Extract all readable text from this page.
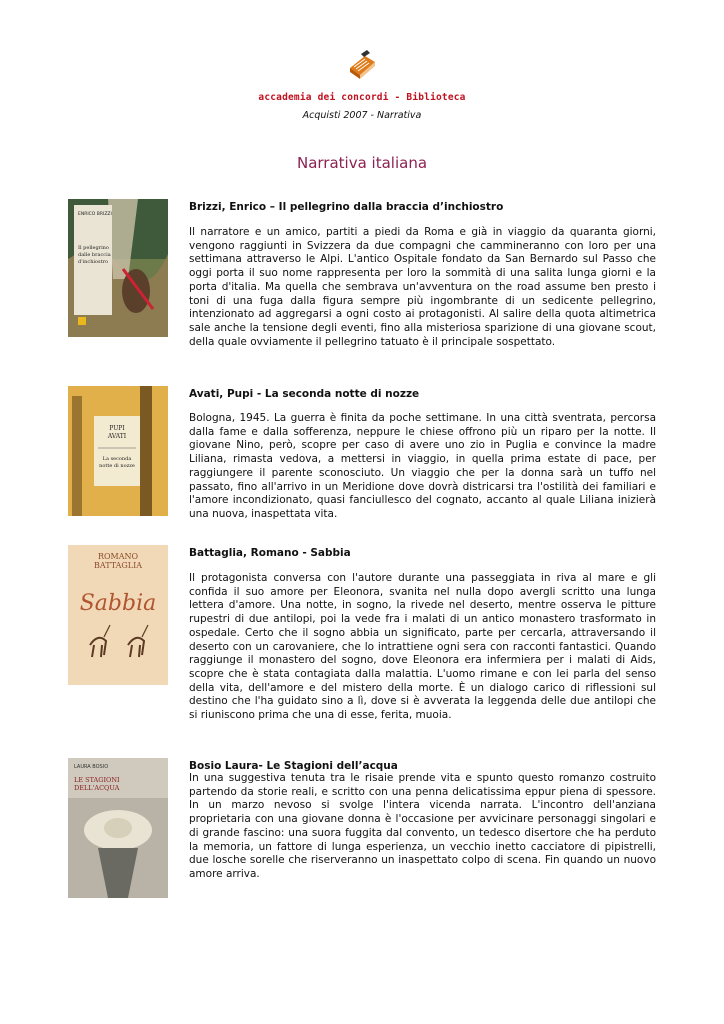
accademia dei concordi - Biblioteca
Acquisti 2007 - Narrativa
Narrativa italiana
ENRICO BRIZZI
Il pellegrino
dalle braccia
d'inchiostro
Brizzi, Enrico – Il pellegrino dalla braccia d’inchiostro

Il narratore e un amico, partiti a piedi da Roma e già in viaggio da quaranta giorni, vengono raggiunti in Svizzera da due compagni che cammineranno con loro per una settimana attraverso le Alpi. L'antico Ospitale fondato da San Bernardo sul Passo che oggi porta il suo nome rappresenta per loro la sommità di una salita lunga giorni e la porta d'italia. Ma quella che sembrava un'avventura on the road assume ben presto i toni di una fuga dalla figura sempre più ingombrante di un sedicente pellegrino, intenzionato ad aggregarsi a ogni costo ai protagonisti. Al salire della quota altimetrica sale anche la tensione degli eventi, fino alla misteriosa sparizione di una giovane scout, della quale ovviamente il pellegrino tatuato è il principale sospettato.

PUPI
AVATI
La seconda
notte di nozze
Avati, Pupi - La seconda notte di nozze

Bologna, 1945. La guerra è finita da poche settimane. In una città sventrata, percorsa dalla fame e dalla sofferenza, neppure le chiese offrono più un riparo per la notte. Il giovane Nino, però, scopre per caso di avere uno zio in Puglia e convince la madre Liliana, rimasta vedova, a mettersi in viaggio, in quella prima estate di pace, per raggiungere il parente sconosciuto. Un viaggio che per la donna sarà un tuffo nel passato, fino all'arrivo in un Meridione dove dovrà districarsi tra l'ostilità dei familiari e l'amore incondizionato, quasi fanciullesco del cognato, accanto al quale Liliana inizierà una nuova, inaspettata vita.

ROMANO
BATTAGLIA
Sabbia
Battaglia, Romano - Sabbia

Il protagonista conversa con l'autore durante una passeggiata in riva al mare e gli confida il suo amore per Eleonora, svanita nel nulla dopo avergli scritto una lunga lettera d'amore. Una notte, in sogno, la rivede nel deserto, mentre osserva le pitture rupestri di due antilopi, poi la vede fra i malati di un antico monastero trasformato in ospedale. Certo che il sogno abbia un significato, parte per cercarla, attraversando il deserto con un carovaniere, che lo intrattiene ogni sera con racconti fantastici. Quando raggiunge il monastero del sogno, dove Eleonora era infermiera per i malati di Aids, scopre che è stata contagiata dalla malattia. L'uomo rimane e con lei parla del senso della vita, dell'amore e del mistero della morte. È un dialogo carico di riflessioni sul destino che l'ha guidato sino a lì, dove si è avverata la leggenda delle due antilopi che si riuniscono prima che una di esse, ferita, muoia.

LAURA BOSIO
LE STAGIONI
DELL'ACQUA
Bosio Laura- Le Stagioni dell’acqua

In una suggestiva tenuta tra le risaie prende vita e spunto questo romanzo costruito partendo da storie reali, e scritto con una penna delicatissima eppur piena di spessore. In un marzo nevoso si svolge l'intera vicenda narrata. L'incontro dell'anziana proprietaria con una giovane donna è l'occasione per avvicinare personaggi singolari e di grande fascino: una suora fuggita dal convento, un tedesco disertore che ha perduto la memoria, un fattore di lunga esperienza, un vecchio inetto cacciatore di pipistrelli, due losche sorelle che riserveranno un inaspettato colpo di scena. Fin quando un nuovo amore arriva.
